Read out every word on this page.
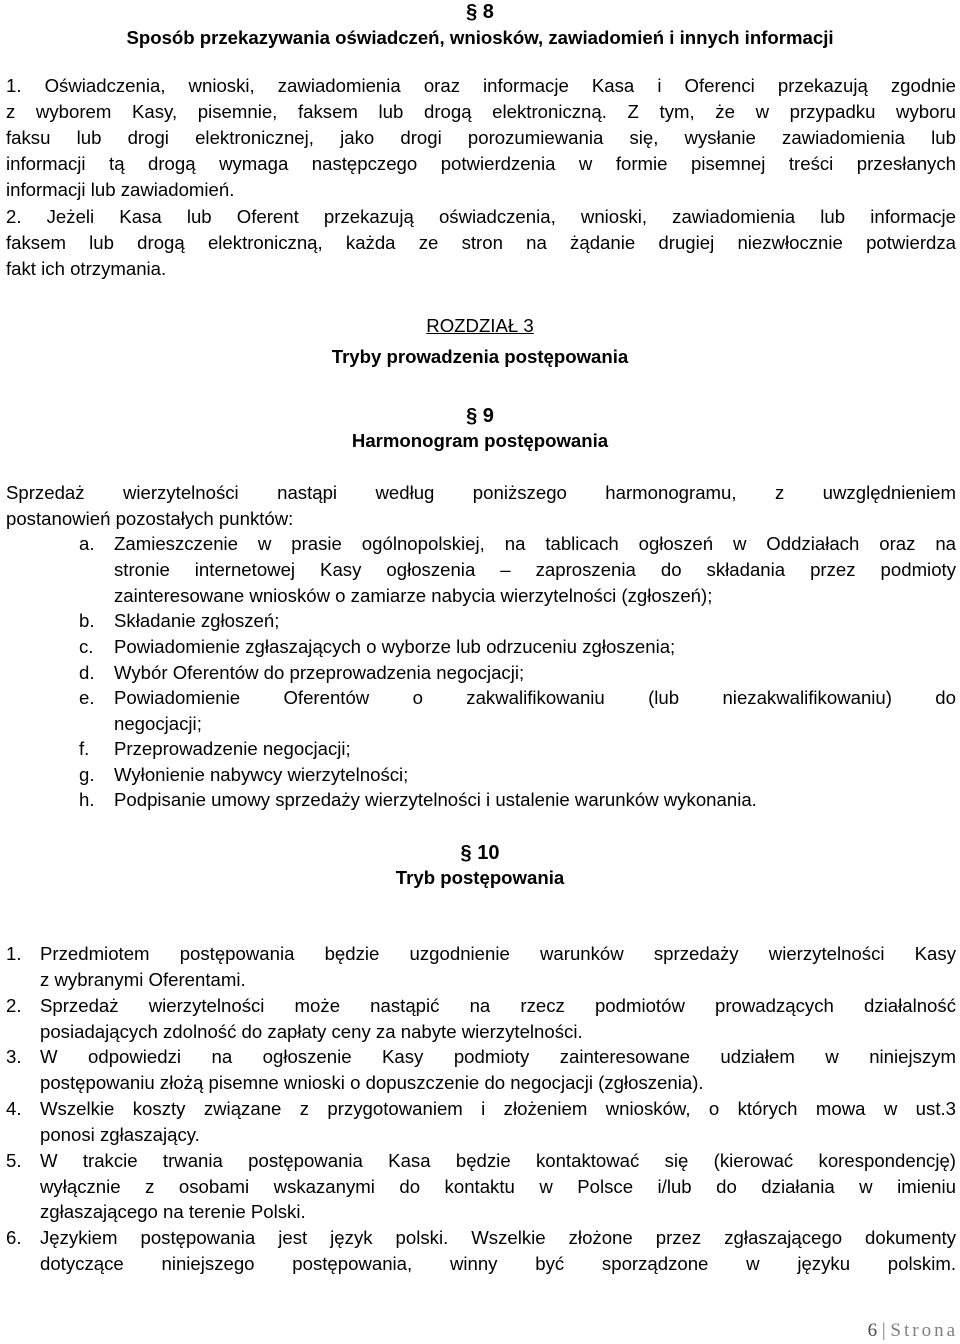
§ 8
Sposób przekazywania oświadczeń, wniosków, zawiadomień i innych informacji
1. Oświadczenia, wnioski, zawiadomienia oraz informacje Kasa i Oferenci przekazują zgodnie
z wyborem Kasy, pisemnie, faksem lub drogą elektroniczną. Z tym, że w przypadku wyboru
faksu lub drogi elektronicznej, jako drogi porozumiewania się, wysłanie zawiadomienia lub
informacji tą drogą wymaga następczego potwierdzenia w formie pisemnej treści przesłanych
informacji lub zawiadomień.
2. Jeżeli Kasa lub Oferent przekazują oświadczenia, wnioski, zawiadomienia lub informacje
faksem lub drogą elektroniczną, każda ze stron na żądanie drugiej niezwłocznie potwierdza
fakt ich otrzymania.
ROZDZIAŁ 3
Tryby prowadzenia postępowania
§ 9
Harmonogram postępowania
Sprzedaż wierzytelności nastąpi według poniższego harmonogramu, z uwzględnieniem
postanowień pozostałych punktów:
a. Zamieszczenie w prasie ogólnopolskiej, na tablicach ogłoszeń w Oddziałach oraz na
stronie internetowej Kasy ogłoszenia – zaproszenia do składania przez podmioty
zainteresowane wniosków o zamiarze nabycia wierzytelności (zgłoszeń);
b. Składanie zgłoszeń;
c. Powiadomienie zgłaszających o wyborze lub odrzuceniu zgłoszenia;
d. Wybór Oferentów do przeprowadzenia negocjacji;
e. Powiadomienie Oferentów o zakwalifikowaniu (lub niezakwalifikowaniu) do
negocjacji;
f. Przeprowadzenie negocjacji;
g. Wyłonienie nabywcy wierzytelności;
h. Podpisanie umowy sprzedaży wierzytelności i ustalenie warunków wykonania.
§ 10
Tryb postępowania
1. Przedmiotem postępowania będzie uzgodnienie warunków sprzedaży wierzytelności Kasy
z wybranymi Oferentami.
2. Sprzedaż wierzytelności może nastąpić na rzecz podmiotów prowadzących działalność
posiadających zdolność do zapłaty ceny za nabyte wierzytelności.
3. W odpowiedzi na ogłoszenie Kasy podmioty zainteresowane udziałem w niniejszym
postępowaniu złożą pisemne wnioski o dopuszczenie do negocjacji (zgłoszenia).
4. Wszelkie koszty związane z przygotowaniem i złożeniem wniosków, o których mowa w ust.3
ponosi zgłaszający.
5. W trakcie trwania postępowania Kasa będzie kontaktować się (kierować korespondencję)
wyłącznie z osobami wskazanymi do kontaktu w Polsce i/lub do działania w imieniu
zgłaszającego na terenie Polski.
6. Językiem postępowania jest język polski. Wszelkie złożone przez zgłaszającego dokumenty
dotyczące niniejszego postępowania, winny być sporządzone w języku polskim.
6 | Strona
